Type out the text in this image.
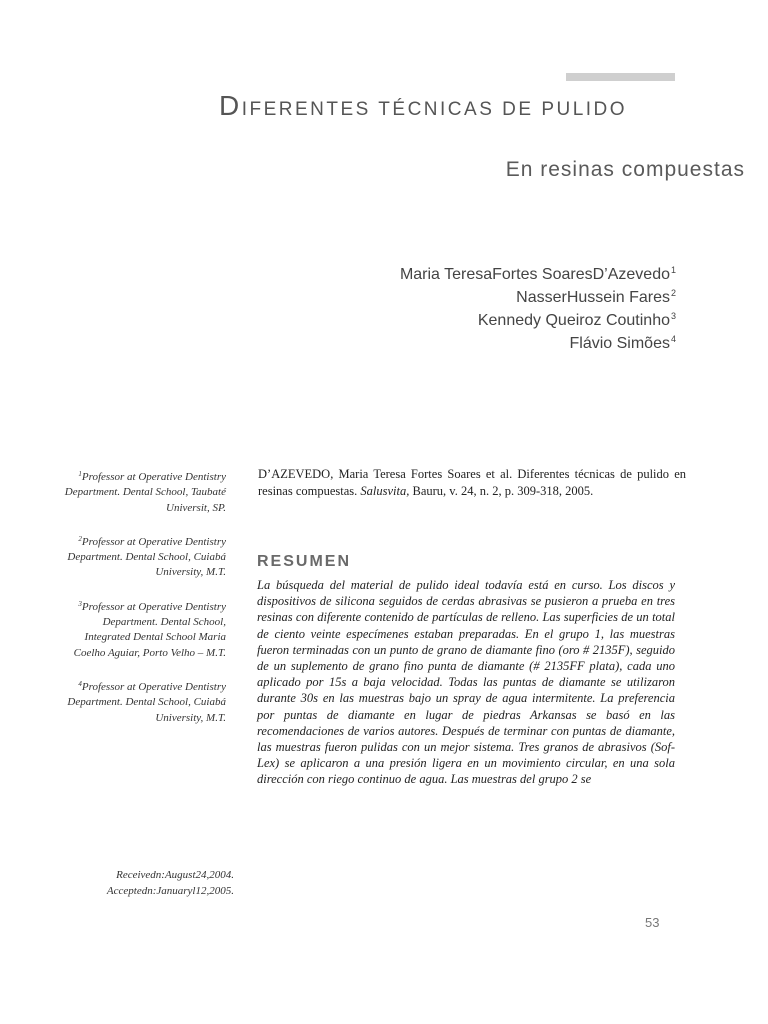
DIFERENTES TÉCNICAS DE PULIDO
En resinas compuestas
Maria TeresaFortes SoaresD’Azevedo$^1$
NasserHussein Fares$^2$
Kennedy Queiroz Coutinho$^3$
Flávio Simões$^4$
$^1$Professor at Operative Dentistry Department. Dental School, Taubaté Universit, SP.
$^2$Professor at Operative Dentistry Department. Dental School, Cuiabá University, M.T.
$^3$Professor at Operative Dentistry Department. Dental School, Integrated Dental School Maria Coelho Aguiar, Porto Velho – M.T.
$^4$Professor at Operative Dentistry Department. Dental School, Cuiabá University, M.T.
Receivedn:August24,2004.
Acceptedn:Januaryl12,2005.
D’AZEVEDO, Maria Teresa Fortes Soares et al. Diferentes técnicas de pulido en resinas compuestas. Salusvita, Bauru, v. 24, n. 2, p. 309-318, 2005.
RESUMEN
La búsqueda del material de pulido ideal todavía está en curso. Los discos y dispositivos de silicona seguidos de cerdas abrasivas se pusieron a prueba en tres resinas con diferente contenido de partículas de relleno. Las superficies de un total de ciento veinte especímenes estaban preparadas. En el grupo 1, las muestras fueron terminadas con un punto de grano de diamante fino (oro # 2135F), seguido de un suplemento de grano fino punta de diamante (# 2135FF plata), cada uno aplicado por 15s a baja velocidad. Todas las puntas de diamante se utilizaron durante 30s en las muestras bajo un spray de agua intermitente. La preferencia por puntas de diamante en lugar de piedras Arkansas se basó en las recomendaciones de varios autores. Después de terminar con puntas de diamante, las muestras fueron pulidas con un mejor sistema. Tres granos de abrasivos (Sof-Lex) se aplicaron a una presión ligera en un movimiento circular, en una sola dirección con riego continuo de agua. Las muestras del grupo 2 se
53
